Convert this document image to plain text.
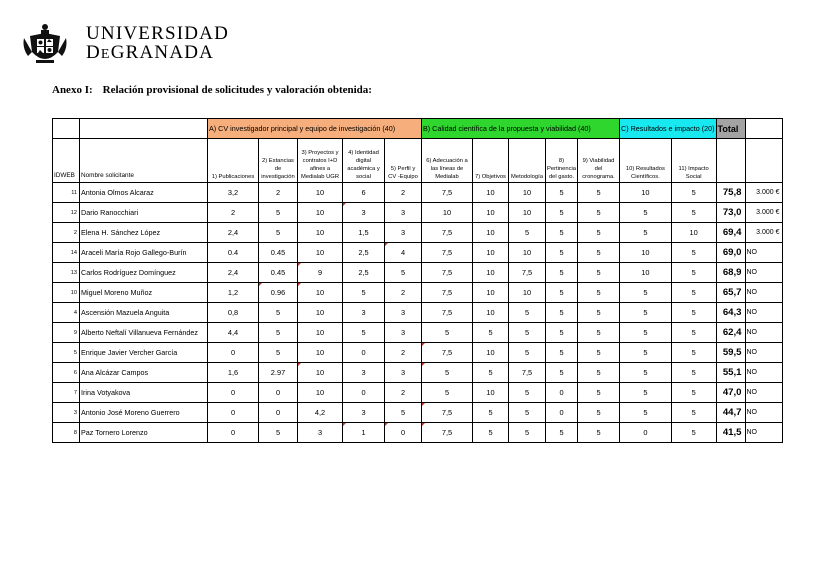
UNIVERSIDAD
DEGRANADA
Anexo I: Relación provisional de solicitudes y valoración obtenida:
		A) CV investigador principal y equipo de investigación (40)					B) Calidad científica de la propuesta y viabilidad (40)					C) Resultados e impacto (20)		Total	
IDWEB	Nombre solicitante	1) Publicaciones	2) Estancias de investigación	3) Proyectos y contratos I+D afines a Medialab UGR	4) Identidad digital académica y social	5) Perfil y CV -Equipo	6) Adecuación a las líneas de Medialab	7) Objetivos	Metodología	8) Pertinencia del gasto.	9) Viabilidad del cronograma.	10) Resultados Científicos.	11) Impacto Social		
11	Antonia Olmos Alcaraz	3,2	2	10	6	2	7,5	10	10	5	5	10	5	75,8	3.000 €
12	Dario Ranocchiari	2	5	10	3	3	10	10	10	5	5	5	5	73,0	3.000 €
2	Elena H. Sánchez López	2,4	5	10	1,5	3	7,5	10	5	5	5	5	10	69,4	3.000 €
14	Araceli María Rojo Gallego-Burín	0.4	0.45	10	2,5	4	7,5	10	10	5	5	10	5	69,0	NO
13	Carlos Rodríguez Domínguez	2,4	0.45	9	2,5	5	7,5	10	7,5	5	5	10	5	68,9	NO
10	Miguel Moreno Muñoz	1,2	0.96	10	5	2	7,5	10	10	5	5	5	5	65,7	NO
4	Ascensión Mazuela Anguita	0,8	5	10	3	3	7,5	10	5	5	5	5	5	64,3	NO
9	Alberto Neftalí Villanueva Fernández	4,4	5	10	5	3	5	5	5	5	5	5	5	62,4	NO
5	Enrique Javier Vercher García	0	5	10	0	2	7,5	10	5	5	5	5	5	59,5	NO
6	Ana Alcázar Campos	1,6	2.97	10	3	3	5	5	7,5	5	5	5	5	55,1	NO
7	Irina Votyakova	0	0	10	0	2	5	10	5	0	5	5	5	47,0	NO
3	Antonio José Moreno Guerrero	0	0	4,2	3	5	7,5	5	5	0	5	5	5	44,7	NO
8	Paz Tornero Lorenzo	0	5	3	1	0	7,5	5	5	5	5	0	5	41,5	NO
